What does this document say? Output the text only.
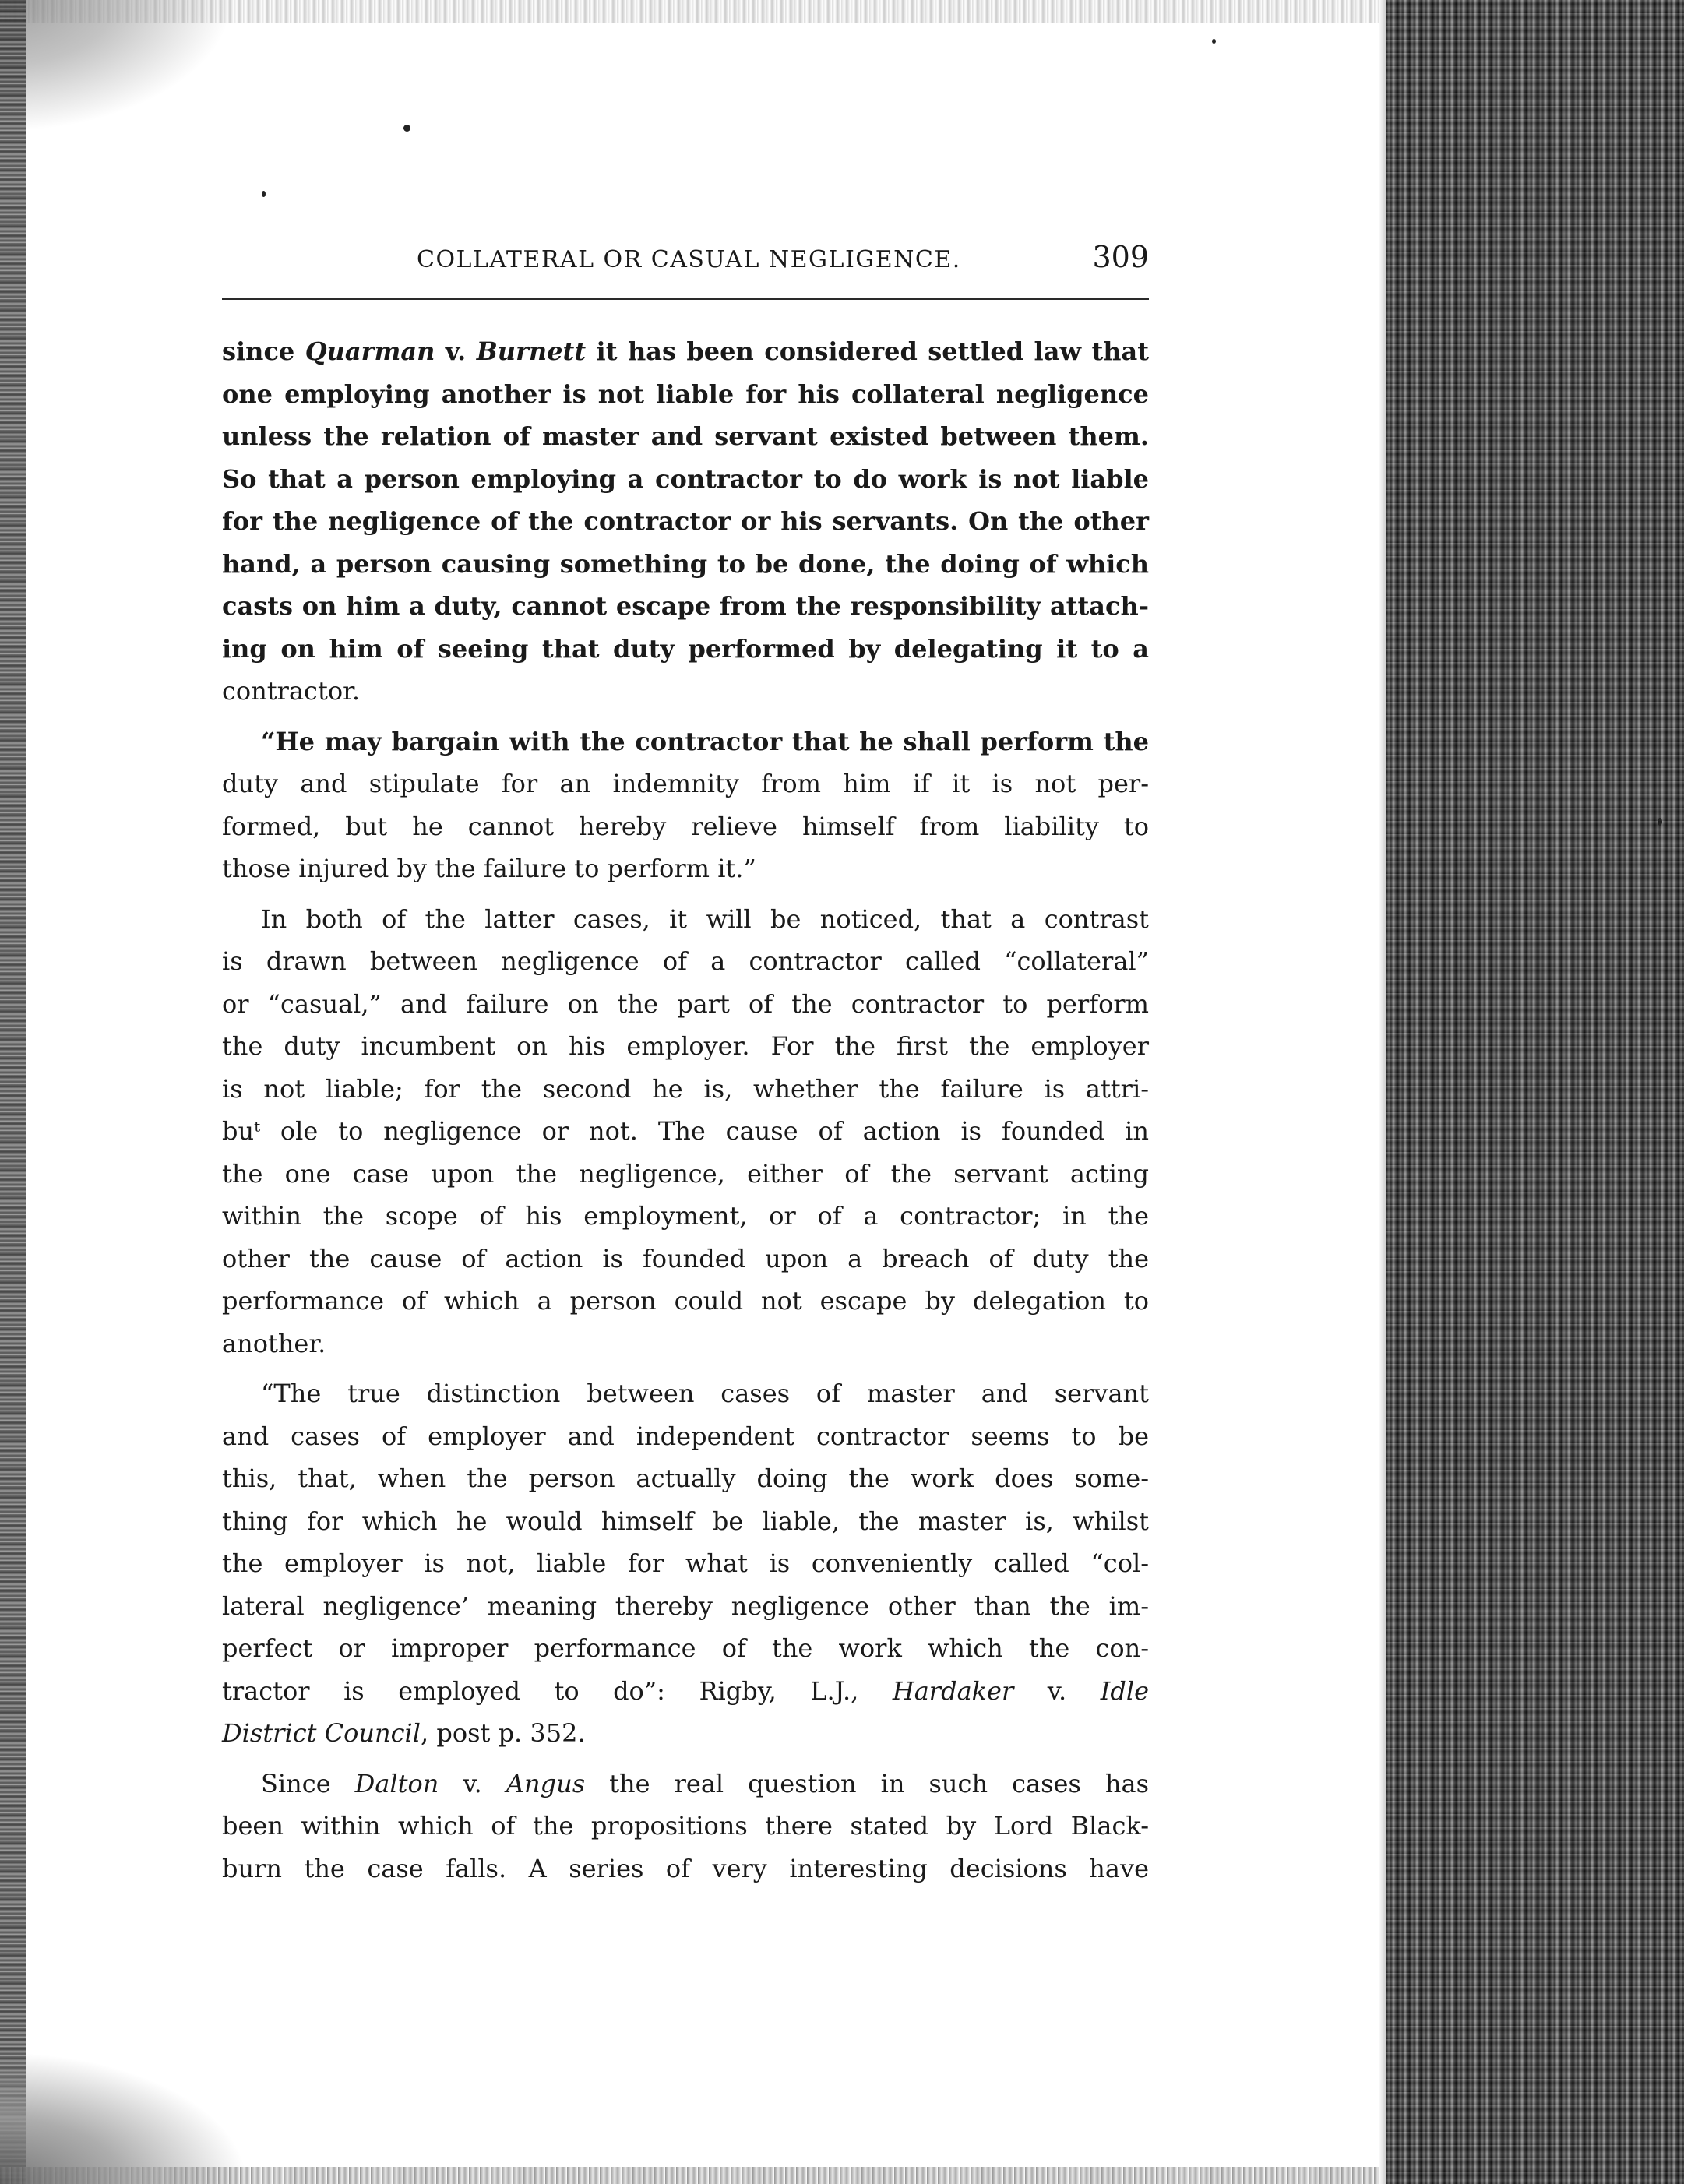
COLLATERAL OR CASUAL NEGLIGENCE.	309
since Quarman v. Burnett it has been considered settled law that
one employing another is not liable for his collateral negligence
unless the relation of master and servant existed between them.
So that a person employing a contractor to do work is not liable
for the negligence of the contractor or his servants. On the other
hand, a person causing something to be done, the doing of which
casts on him a duty, cannot escape from the responsibility attach-
ing on him of seeing that duty performed by delegating it to a
contractor.
“He may bargain with the contractor that he shall perform the
duty and stipulate for an indemnity from him if it is not per-
formed, but he cannot hereby relieve himself from liability to
those injured by the failure to perform it.”
In both of the latter cases, it will be noticed, that a contrast
is drawn between negligence of a contractor called “collateral”
or “casual,” and failure on the part of the contractor to perform
the duty incumbent on his employer. For the first the employer
is not liable; for the second he is, whether the failure is attri-
buᵗ ole to negligence or not. The cause of action is founded in
the one case upon the negligence, either of the servant acting
within the scope of his employment, or of a contractor; in the
other the cause of action is founded upon a breach of duty the
performance of which a person could not escape by delegation to
another.
“The true distinction between cases of master and servant
and cases of employer and independent contractor seems to be
this, that, when the person actually doing the work does some-
thing for which he would himself be liable, the master is, whilst
the employer is not, liable for what is conveniently called “col-
lateral negligence’ meaning thereby negligence other than the im-
perfect or improper performance of the work which the con-
tractor is employed to do”: Rigby, L.J., Hardaker v. Idle
District Council, post p. 352.
Since Dalton v. Angus the real question in such cases has
been within which of the propositions there stated by Lord Black-
burn the case falls. A series of very interesting decisions have
